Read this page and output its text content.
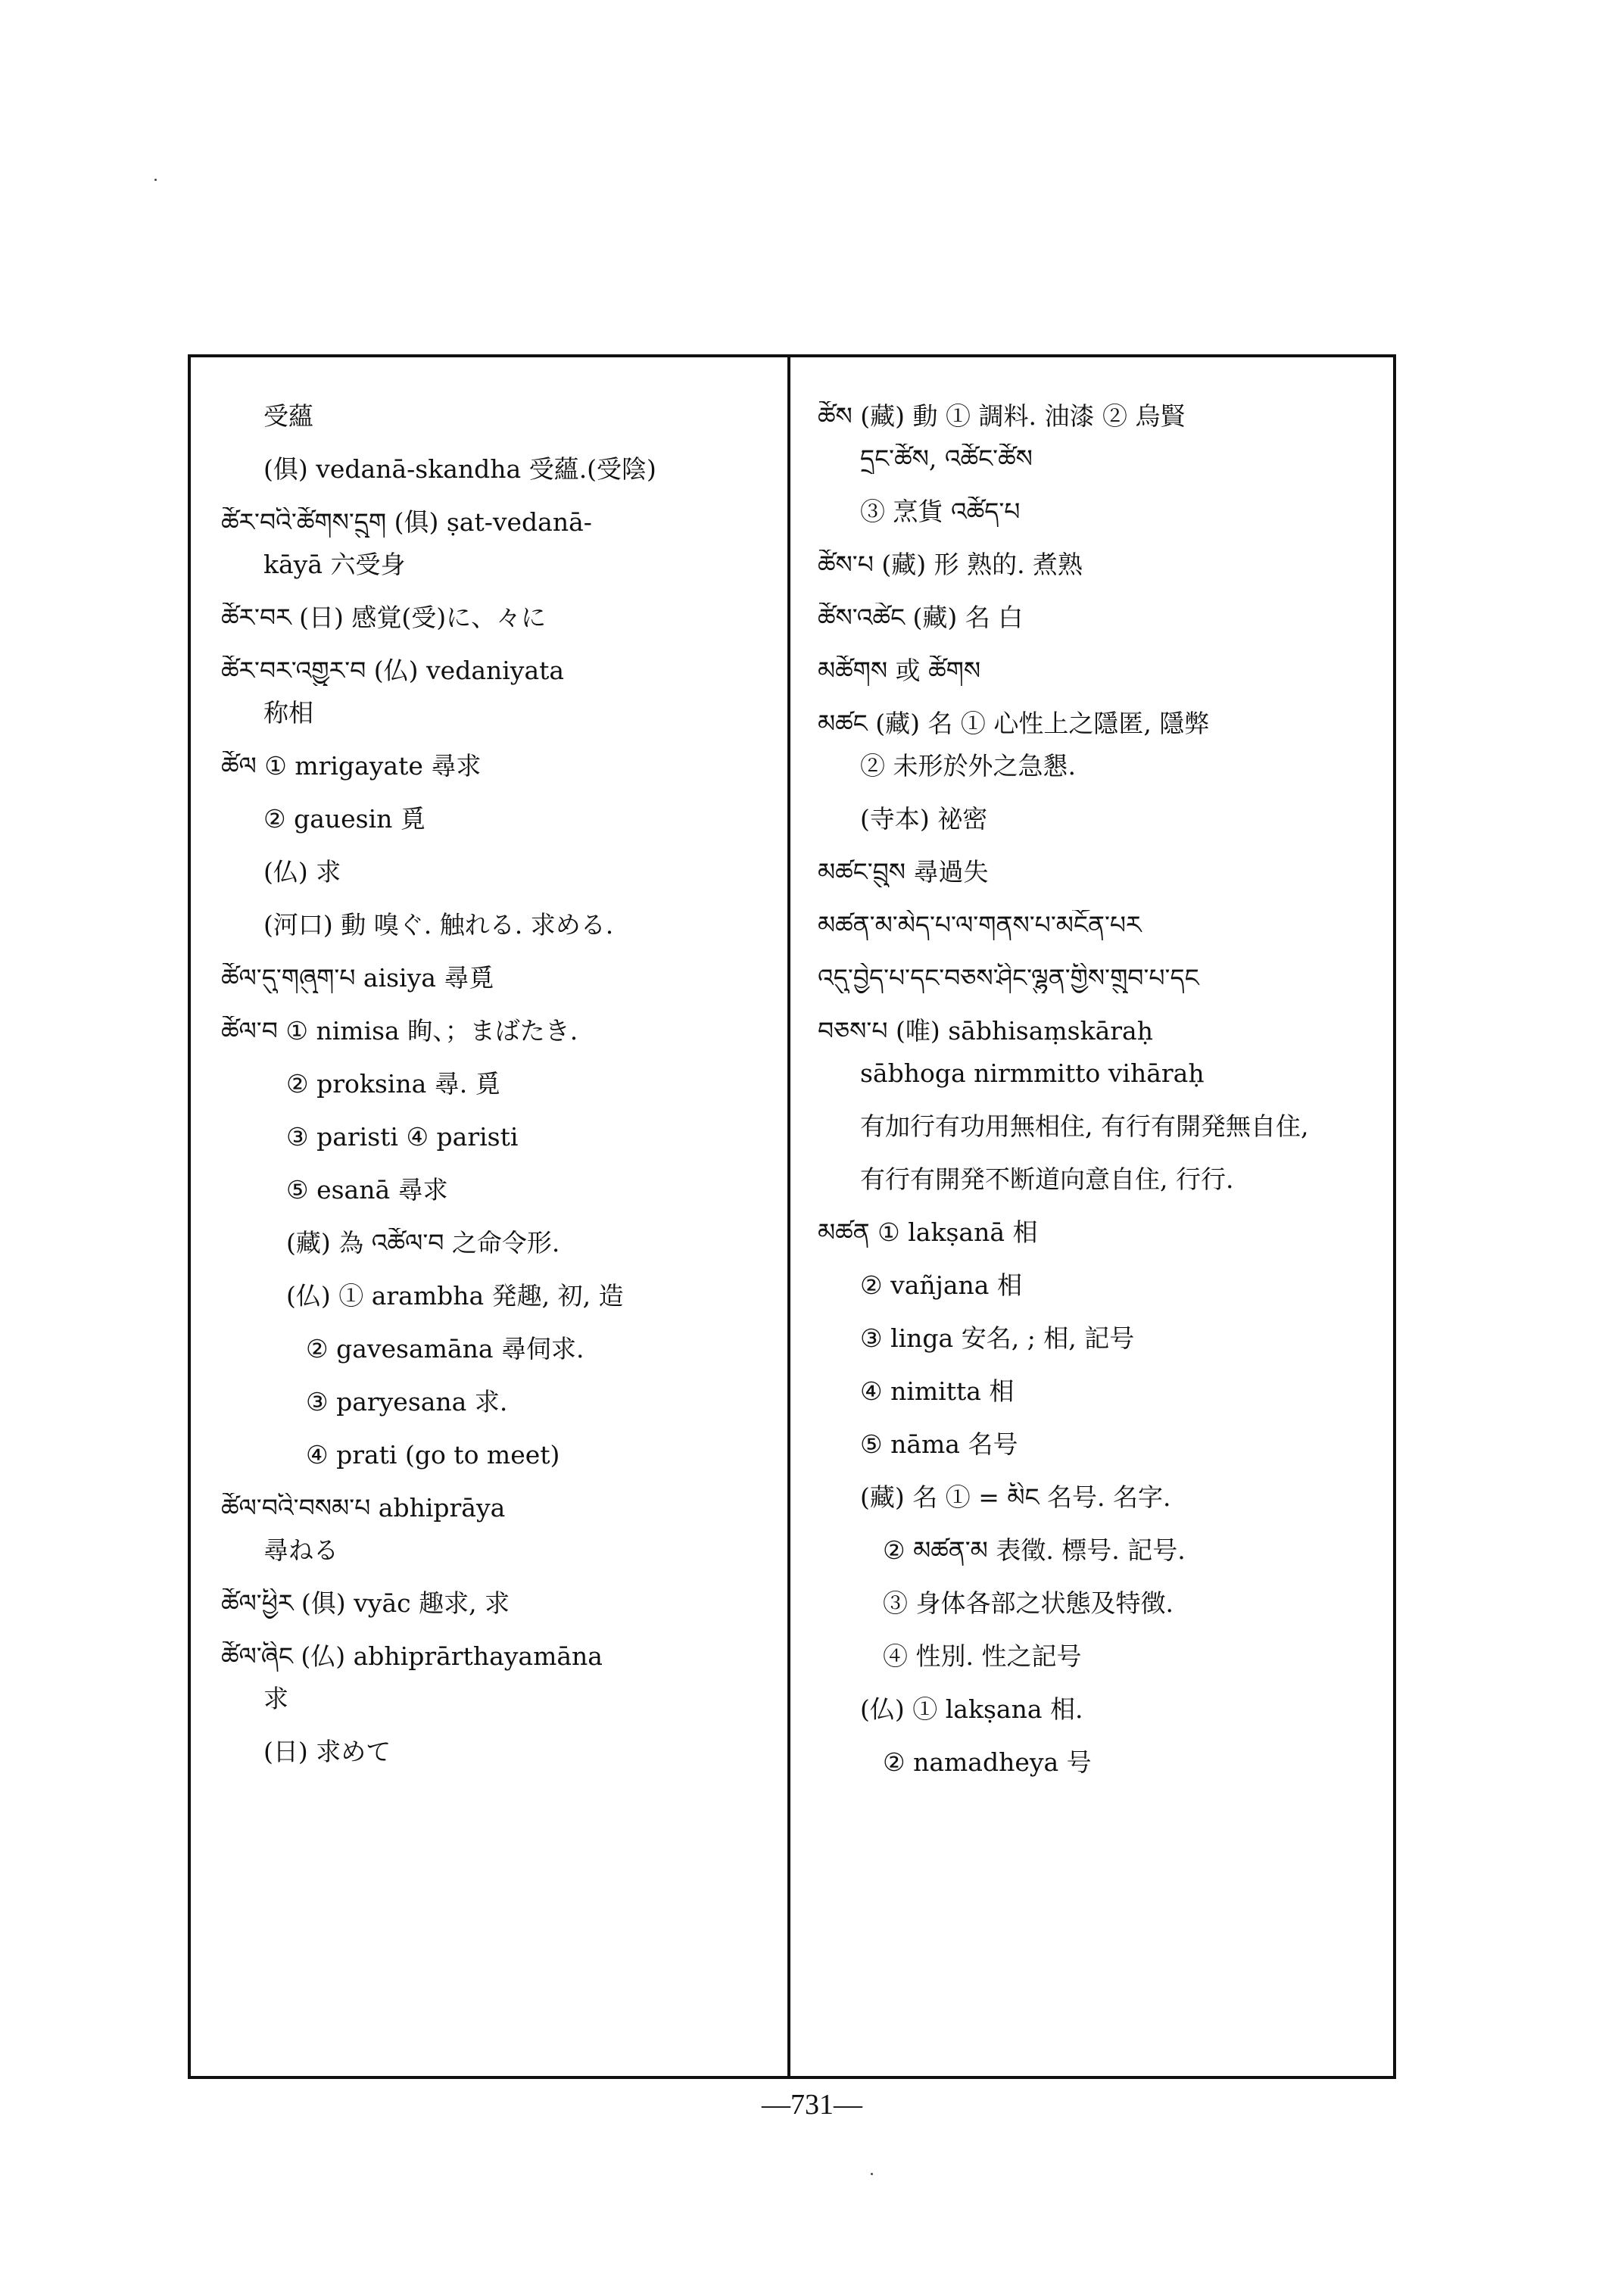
受蘊
(俱) vedanā-skandha 受蘊.(受陰)
ཚོར་བའི་ཚོགས་དྲུག (俱) ṣat-vedanā-
kāyā 六受身
ཚོར་བར (日) 感覚(受)に、々に
ཚོར་བར་འགྱུར་བ (仏) vedaniyata
称相
ཚོལ ① mrigayate 尋求
② gauesin 覓
(仏) 求
(河口) 動 嗅ぐ. 触れる. 求める.
ཚོལ་དུ་གཞུག་པ aisiya 尋覓
ཚོལ་བ ① nimisa 眴、；まばたき.
② proksina 尋. 覓
③ paristi ④ paristi
⑤ esanā 尋求
(藏) 為 འཚོལ་བ 之命令形.
(仏) ① arambha 発趣, 初, 造
② gavesamāna 尋伺求.
③ paryesana 求.
④ prati (go to meet)
ཚོལ་བའི་བསམ་པ abhiprāya
尋ねる
ཚོལ་ཕྱིར (俱) vyāc 趣求, 求
ཚོལ་ཞིང (仏) abhiprārthayamāna
求
(日) 求めて
ཚོས (藏) 動 ① 調料. 油漆 ② 烏賢
དྲང་ཚོས, འཚོང་ཚོས
③ 烹貨 འཚོད་པ
ཚོས་པ (藏) 形 熟的. 煮熟
ཚོས་འཚེང (藏) 名 白
མཚོགས 或 ཚོགས
མཚང (藏) 名 ① 心性上之隱匿, 隱弊
② 未形於外之急懇.
(寺本) 祕密
མཚང་བྲུས 尋過失
མཚན་མ་མེད་པ་ལ་གནས་པ་མངོན་པར
འདུ་བྱེད་པ་དང་བཅས་ཤིང་ལྷུན་གྱིས་གྲུབ་པ་དང
བཅས་པ (唯) sābhisaṃskāraḥ
sābhoga nirmmitto vihāraḥ
有加行有功用無相住, 有行有開発無自住,
有行有開発不断道向意自住, 行行.
མཚན ① lakṣanā 相
② vañjana 相
③ linga 安名, ; 相, 記号
④ nimitta 相
⑤ nāma 名号
(藏) 名 ① = མིང 名号. 名字.
② མཚན་མ 表徵. 標号. 記号.
③ 身体各部之状態及特徴.
④ 性別. 性之記号
(仏) ① lakṣana 相.
② namadheya 号
—731—
